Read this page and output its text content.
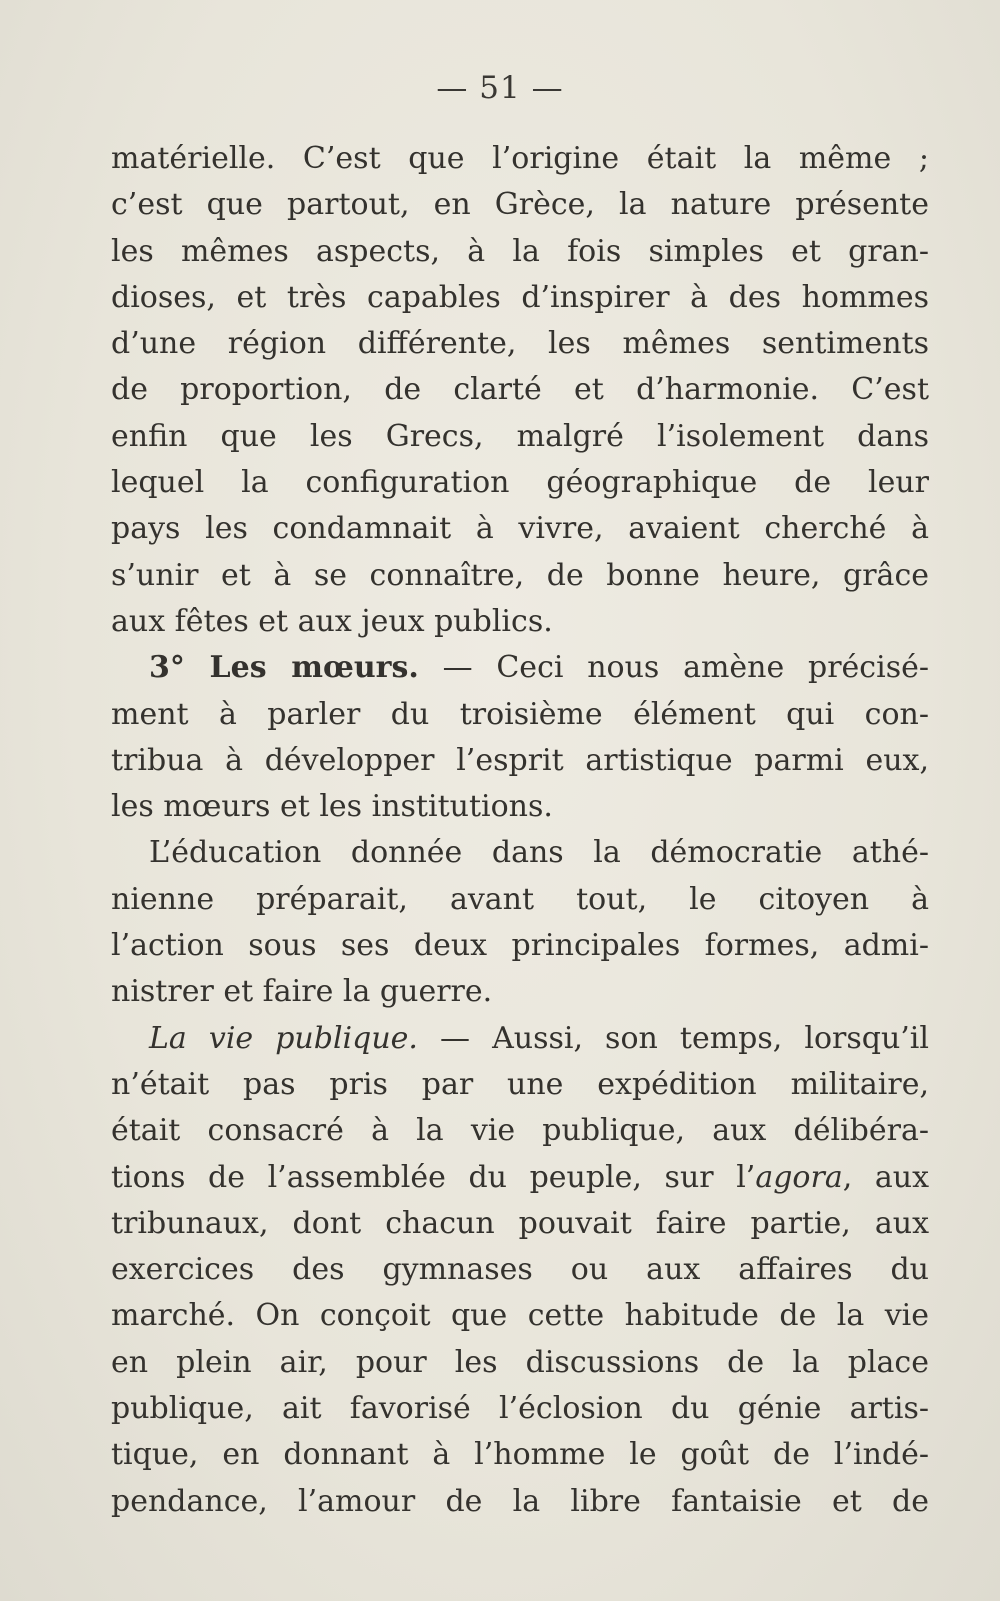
— 51 —
matérielle. C’est que l’origine était la même ;
c’est que partout, en Grèce, la nature présente
les mêmes aspects, à la fois simples et gran-
dioses, et très capables d’inspirer à des hommes
d’une région différente, les mêmes sentiments
de proportion, de clarté et d’harmonie. C’est
enfin que les Grecs, malgré l’isolement dans
lequel la configuration géographique de leur
pays les condamnait à vivre, avaient cherché à
s’unir et à se connaître, de bonne heure, grâce
aux fêtes et aux jeux publics.
3° Les mœurs. — Ceci nous amène précisé-
ment à parler du troisième élément qui con-
tribua à développer l’esprit artistique parmi eux,
les mœurs et les institutions.
L’éducation donnée dans la démocratie athé-
nienne préparait, avant tout, le citoyen à
l’action sous ses deux principales formes, admi-
nistrer et faire la guerre.
La vie publique. — Aussi, son temps, lorsqu’il
n’était pas pris par une expédition militaire,
était consacré à la vie publique, aux délibéra-
tions de l’assemblée du peuple, sur l’agora, aux
tribunaux, dont chacun pouvait faire partie, aux
exercices des gymnases ou aux affaires du
marché. On conçoit que cette habitude de la vie
en plein air, pour les discussions de la place
publique, ait favorisé l’éclosion du génie artis-
tique, en donnant à l’homme le goût de l’indé-
pendance, l’amour de la libre fantaisie et de
